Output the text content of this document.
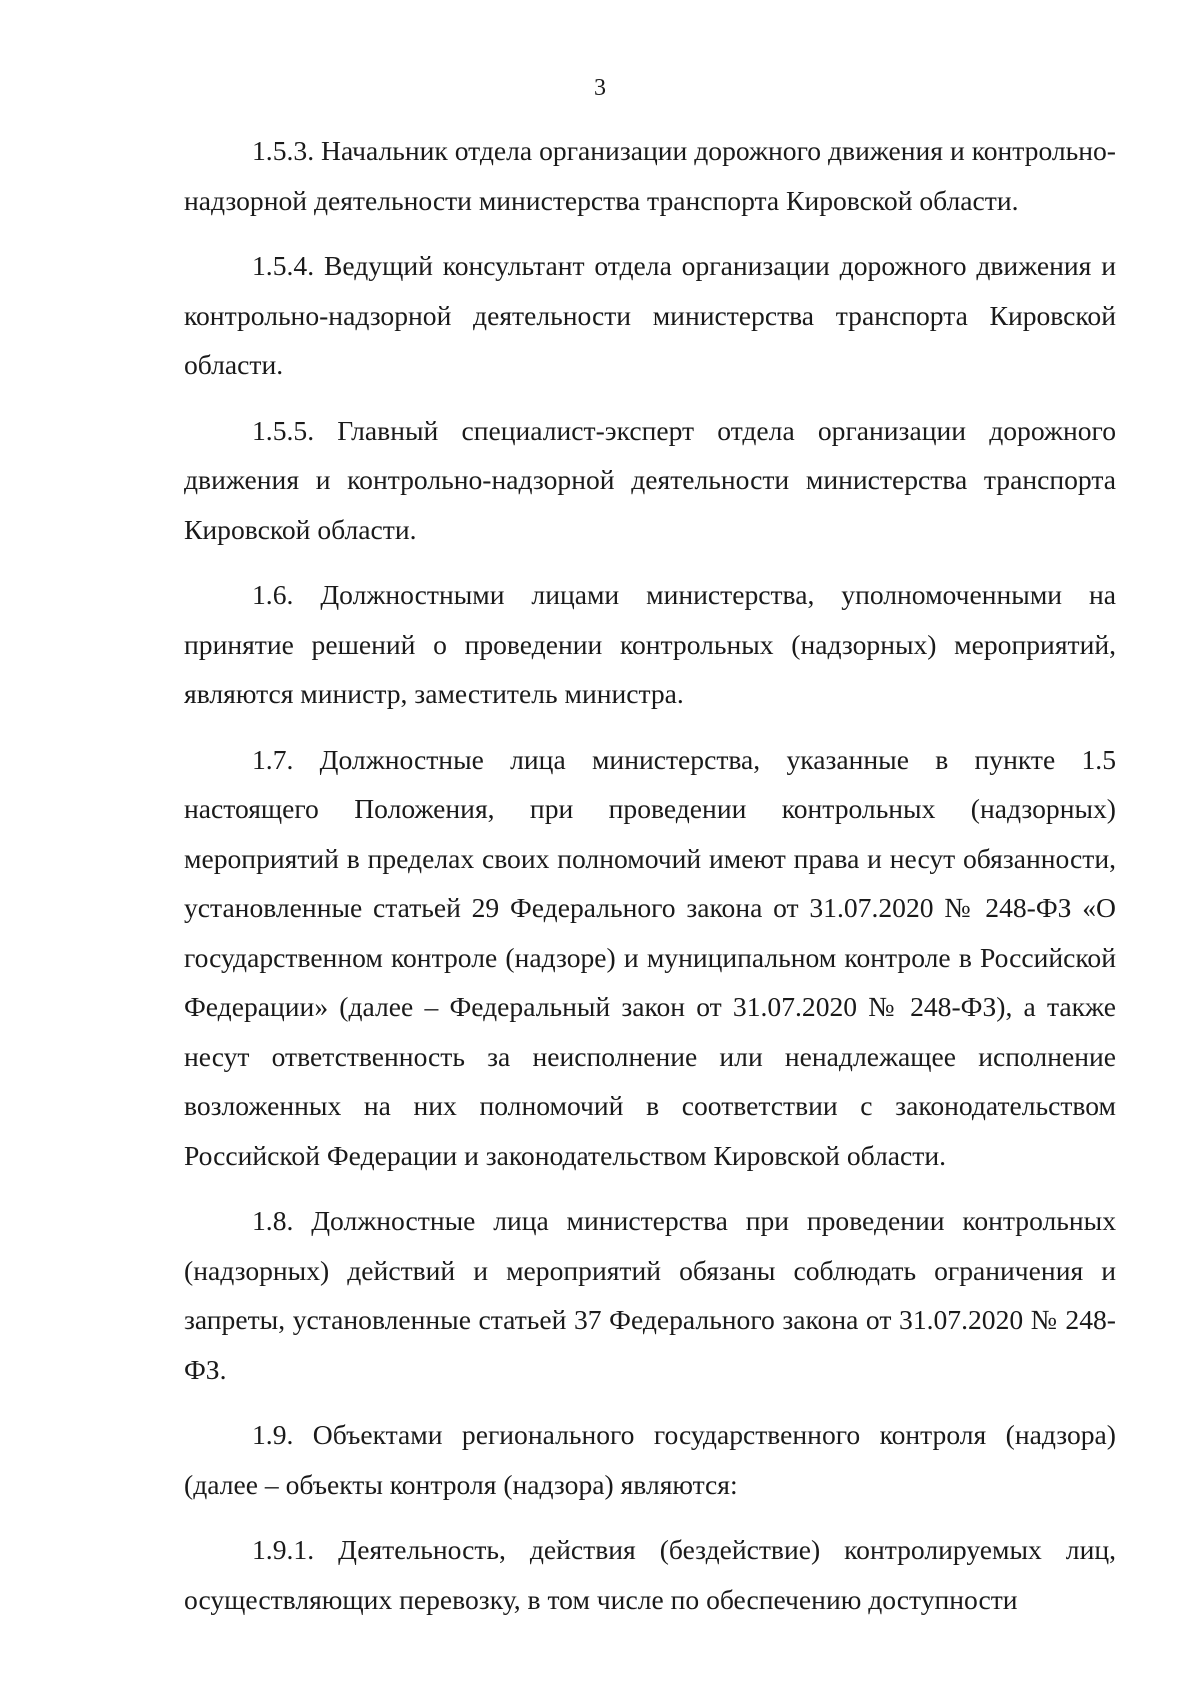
3

1.5.3. Начальник отдела организации дорожного движения и контрольно-надзорной деятельности министерства транспорта Кировской области.

1.5.4. Ведущий консультант отдела организации дорожного движения и контрольно-надзорной деятельности министерства транспорта Кировской области.

1.5.5. Главный специалист-эксперт отдела организации дорожного движения и контрольно-надзорной деятельности министерства транспорта Кировской области.

1.6. Должностными лицами министерства, уполномоченными на принятие решений о проведении контрольных (надзорных) мероприятий, являются министр, заместитель министра.

1.7. Должностные лица министерства, указанные в пункте 1.5 настоящего Положения, при проведении контрольных (надзорных) мероприятий в пределах своих полномочий имеют права и несут обязанности, установленные статьей 29 Федерального закона от 31.07.2020 № 248-ФЗ «О государственном контроле (надзоре) и муниципальном контроле в Российской Федерации» (далее – Федеральный закон от 31.07.2020 № 248-ФЗ), а также несут ответственность за неисполнение или ненадлежащее исполнение возложенных на них полномочий в соответствии с законодательством Российской Федерации и законодательством Кировской области.

1.8. Должностные лица министерства при проведении контрольных (надзорных) действий и мероприятий обязаны соблюдать ограничения и запреты, установленные статьей 37 Федерального закона от 31.07.2020 № 248-ФЗ.

1.9. Объектами регионального государственного контроля (надзора) (далее – объекты контроля (надзора) являются:

1.9.1. Деятельность, действия (бездействие) контролируемых лиц, осуществляющих перевозку, в том числе по обеспечению доступности
